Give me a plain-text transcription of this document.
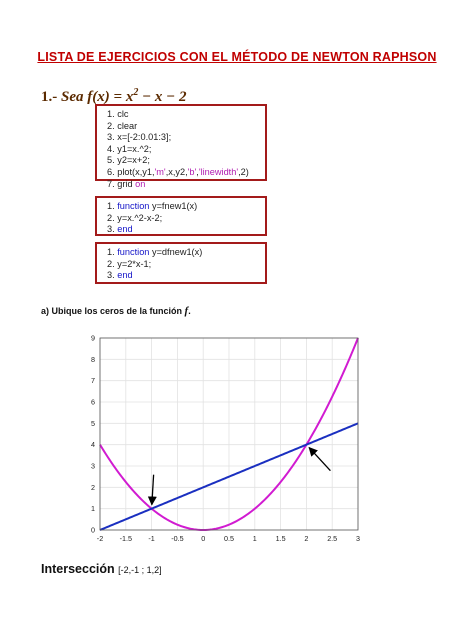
LISTA DE EJERCICIOS CON EL MÉTODO DE NEWTON RAPHSON
1.- Sea $f(x) = x^2 - x - 2$
1. clc
2. clear
3. x=[-2:0.01:3];
4. y1=x.^2;
5. y2=x+2;
6. plot(x,y1,'m',x,y2,'b','linewidth',2)
7. grid on
1. function y=fnew1(x)
2. y=x.^2-x-2;
3. end
1. function y=dfnew1(x)
2. y=2*x-1;
3. end
a) Ubique los ceros de la función f.
-2 -1.5 -1 -0.5 0	0.5	1	1.5	2	2.5	3
0
1
2
3
4
5
6
7
8
9
Intersección [-2,-1 ; 1,2]
